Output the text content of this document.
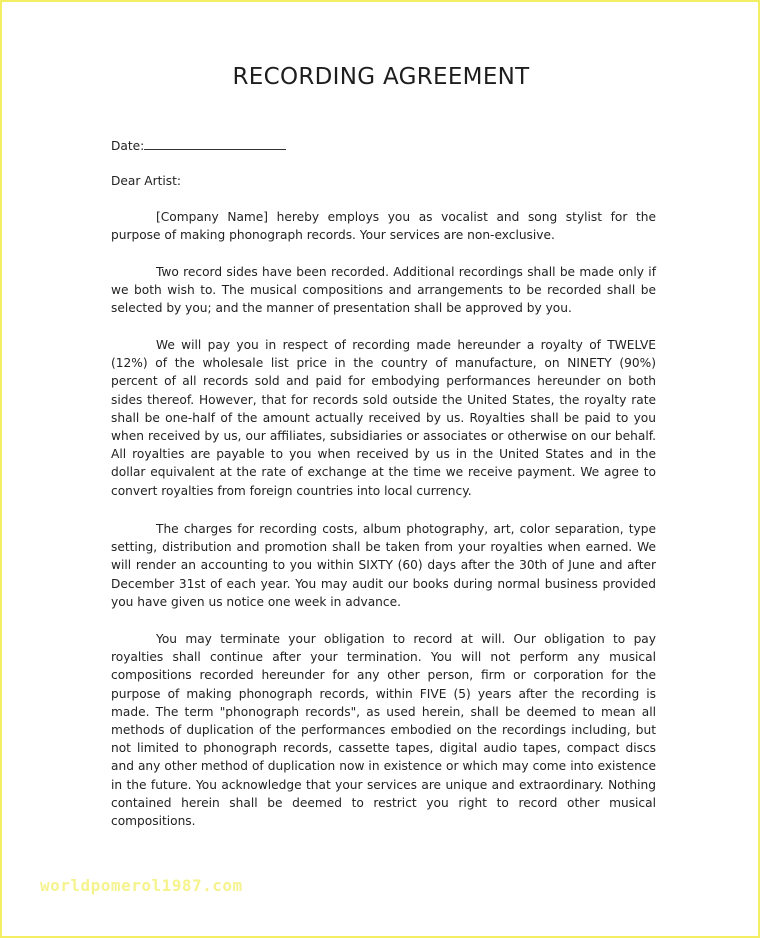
RECORDING AGREEMENT
Date:

Dear Artist:

[Company Name] hereby employs you as vocalist and song stylist for the purpose of making phonograph records. Your services are non-exclusive.

Two record sides have been recorded. Additional recordings shall be made only if we both wish to. The musical compositions and arrangements to be recorded shall be selected by you; and the manner of presentation shall be approved by you.

We will pay you in respect of recording made hereunder a royalty of TWELVE (12%) of the wholesale list price in the country of manufacture, on NINETY (90%) percent of all records sold and paid for embodying performances hereunder on both sides thereof. However, that for records sold outside the United States, the royalty rate shall be one-half of the amount actually received by us. Royalties shall be paid to you when received by us, our affiliates, subsidiaries or associates or otherwise on our behalf. All royalties are payable to you when received by us in the United States and in the dollar equivalent at the rate of exchange at the time we receive payment. We agree to convert royalties from foreign countries into local currency.

The charges for recording costs, album photography, art, color separation, type setting, distribution and promotion shall be taken from your royalties when earned. We will render an accounting to you within SIXTY (60) days after the 30th of June and after December 31st of each year. You may audit our books during normal business provided you have given us notice one week in advance.

You may terminate your obligation to record at will. Our obligation to pay royalties shall continue after your termination. You will not perform any musical compositions recorded hereunder for any other person, firm or corporation for the purpose of making phonograph records, within FIVE (5) years after the recording is made. The term "phonograph records", as used herein, shall be deemed to mean all methods of duplication of the performances embodied on the recordings including, but not limited to phonograph records, cassette tapes, digital audio tapes, compact discs and any other method of duplication now in existence or which may come into existence in the future. You acknowledge that your services are unique and extraordinary. Nothing contained herein shall be deemed to restrict you right to record other musical compositions.

worldpomerol1987.com
